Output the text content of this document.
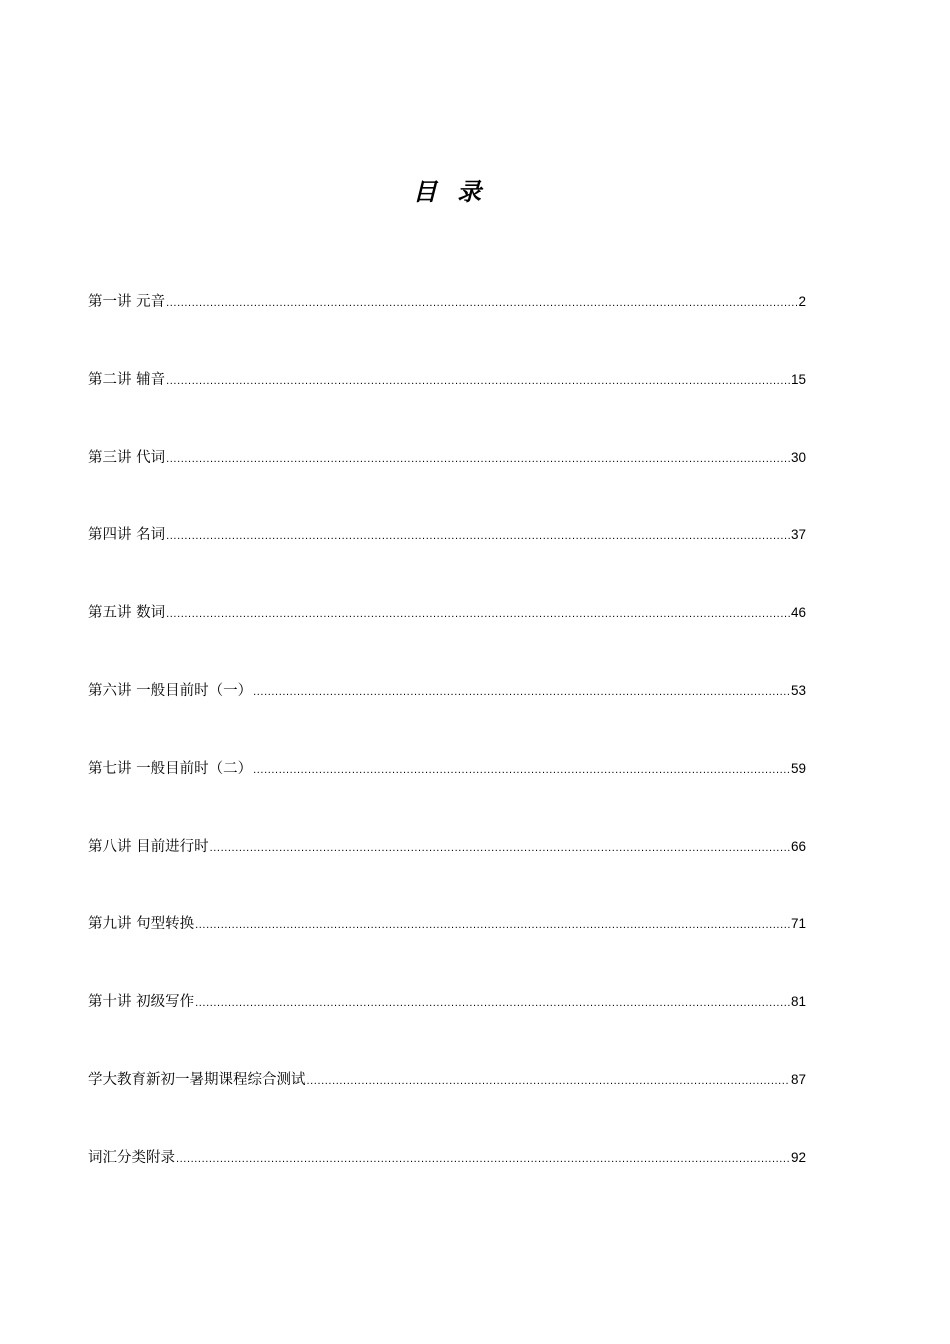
目 录
第一讲 元音 .....	2
第二讲 辅音 .....	15
第三讲 代词 .....	30
第四讲 名词 .....	37
第五讲 数词 .....	46
第六讲 一般目前时（一） .....	53
第七讲 一般目前时（二） .....	59
第八讲 目前进行时 .....	66
第九讲 句型转换 .....	71
第十讲 初级写作 .....	81
学大教育新初一暑期课程综合测试 .....	87
词汇分类附录 .....	92
